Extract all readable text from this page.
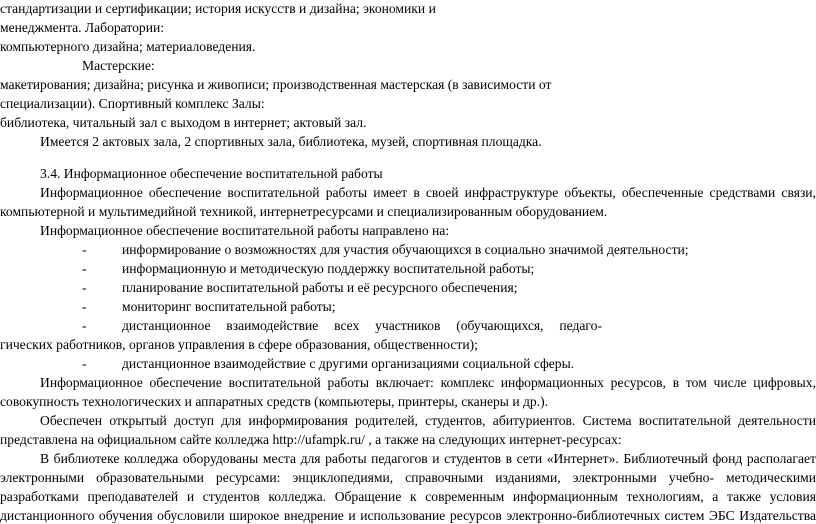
стандартизации и сертификации; история искусств и дизайна; экономики и
менеджмента. Лаборатории:
компьютерного дизайна; материаловедения.
Мастерские:
макетирования; дизайна; рисунка и живописи; производственная мастерская (в зависимости от
специализации). Спортивный комплекс Залы:
библиотека, читальный зал с выходом в интернет; актовый зал.
Имеется 2 актовых зала, 2 спортивных зала, библиотека, музей, спортивная площадка.
3.4. Информационное обеспечение воспитательной работы
Информационное обеспечение воспитательной работы имеет в своей инфраструктуре объекты, обеспеченные средствами связи,
компьютерной и мультимедийной техникой, интернетресурсами и специализированным оборудованием.
Информационное обеспечение воспитательной работы направлено на:
-	информирование о возможностях для участия обучающихся в социально значимой деятельности;
-	информационную и методическую поддержку воспитательной работы;
-	планирование воспитательной работы и её ресурсного обеспечения;
-	мониторинг воспитательной работы;
-	дистанционное взаимодействие всех участников (обучающихся, педаго-
гических работников, органов управления в сфере образования, общественности);
-	дистанционное взаимодействие с другими организациями социальной сферы.
Информационное обеспечение воспитательной работы включает: комплекс информационных ресурсов, в том числе цифровых,
совокупность технологических и аппаратных средств (компьютеры, принтеры, сканеры и др.).
Обеспечен открытый доступ для информирования родителей, студентов, абитуриентов. Система воспитательной деятельности
представлена на официальном сайте колледжа http://ufampk.ru/ , а также на следующих интернет-ресурсах:
В библиотеке колледжа оборудованы места для работы педагогов и студентов в сети «Интернет». Библиотечный фонд располагает
электронными образовательными ресурсами: энциклопедиями, справочными изданиями, электронными учебно- методическими
разработками преподавателей и студентов колледжа. Обращение к современным информационным технологиям, а также условия
дистанционного обучения обусловили широкое внедрение и использование ресурсов электронно-библиотечных систем ЭБС Издательства
